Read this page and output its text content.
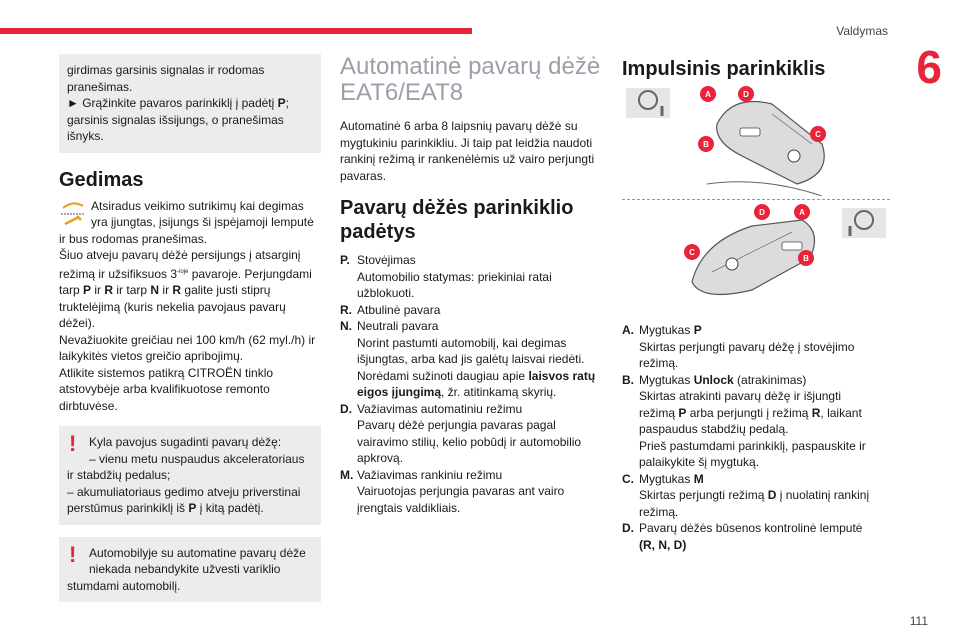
Valdymas
6
girdimas garsinis signalas ir rodomas
pranešimas.
► Grąžinkite pavaros parinkiklį į padėtį P;
garsinis signalas išsijungs, o pranešimas
išnyks.
Gedimas
Atsiradus veikimo sutrikimų kai degimas
yra įjungtas, įsijungs ši įspėjamoji lemputė
ir bus rodomas pranešimas.
Šiuo atveju pavarų dėžė persijungs į atsarginį
režimą ir užsifiksuos $3^{-ioje}$ pavaroje. Perjungdami
tarp P ir R ir tarp N ir R galite justi stiprų
truktelėjimą (kuris nekelia pavojaus pavarų
dėžei).
Nevažiuokite greičiau nei 100 km/h (62 myl./h) ir
laikykitės vietos greičio apribojimų.
Atlikite sistemos patikrą CITROËN tinklo
atstovybėje arba kvalifikuotose remonto
dirbtuvėse.
!	Kyla pavojus sugadinti pavarų dėžę:
– vienu metu nuspaudus akceleratoriaus
ir stabdžių pedalus;
– akumuliatoriaus gedimo atveju priverstinai
perstūmus parinkiklį iš P į kitą padėtį.
!	Automobilyje su automatine pavarų dėže
niekada nebandykite užvesti variklio
stumdami automobilį.
Automatinė pavarų dėžė
EAT6/EAT8
Automatinė 6 arba 8 laipsnių pavarų dėžė su
mygtukiniu parinkikliu. Ji taip pat leidžia naudoti
rankinį režimą ir rankenėlėmis už vairo perjungti
pavaras.
Pavarų dėžės parinkiklio
padėtys
P. Stovėjimas
Automobilio statymas: priekiniai ratai
užblokuoti.
R. Atbulinė pavara
N. Neutrali pavara
Norint pastumti automobilį, kai degimas
išjungtas, arba kad jis galėtų laisvai riedėti.
Norėdami sužinoti daugiau apie laisvos ratų
eigos įjungimą, žr. atitinkamą skyrių.
D. Važiavimas automatiniu režimu
Pavarų dėžė perjungia pavaras pagal
vairavimo stilių, kelio pobūdį ir automobilio
apkrovą.
M. Važiavimas rankiniu režimu
Vairuotojas perjungia pavaras ant vairo
įrengtais valdikliais.
Impulsinis parinkiklis
A	D
C
B
D	A
C
B
A. Mygtukas P
Skirtas perjungti pavarų dėžę į stovėjimo
režimą.
B. Mygtukas Unlock (atrakinimas)
Skirtas atrakinti pavarų dėžę ir išjungti
režimą P arba perjungti į režimą R, laikant
paspaudus stabdžių pedalą.
Prieš pastumdami parinkiklį, paspauskite ir
palaikykite šį mygtuką.
C. Mygtukas M
Skirtas perjungti režimą D į nuolatinį rankinį
režimą.
D. Pavarų dėžės būsenos kontrolinė lemputė
(R, N, D)
111
